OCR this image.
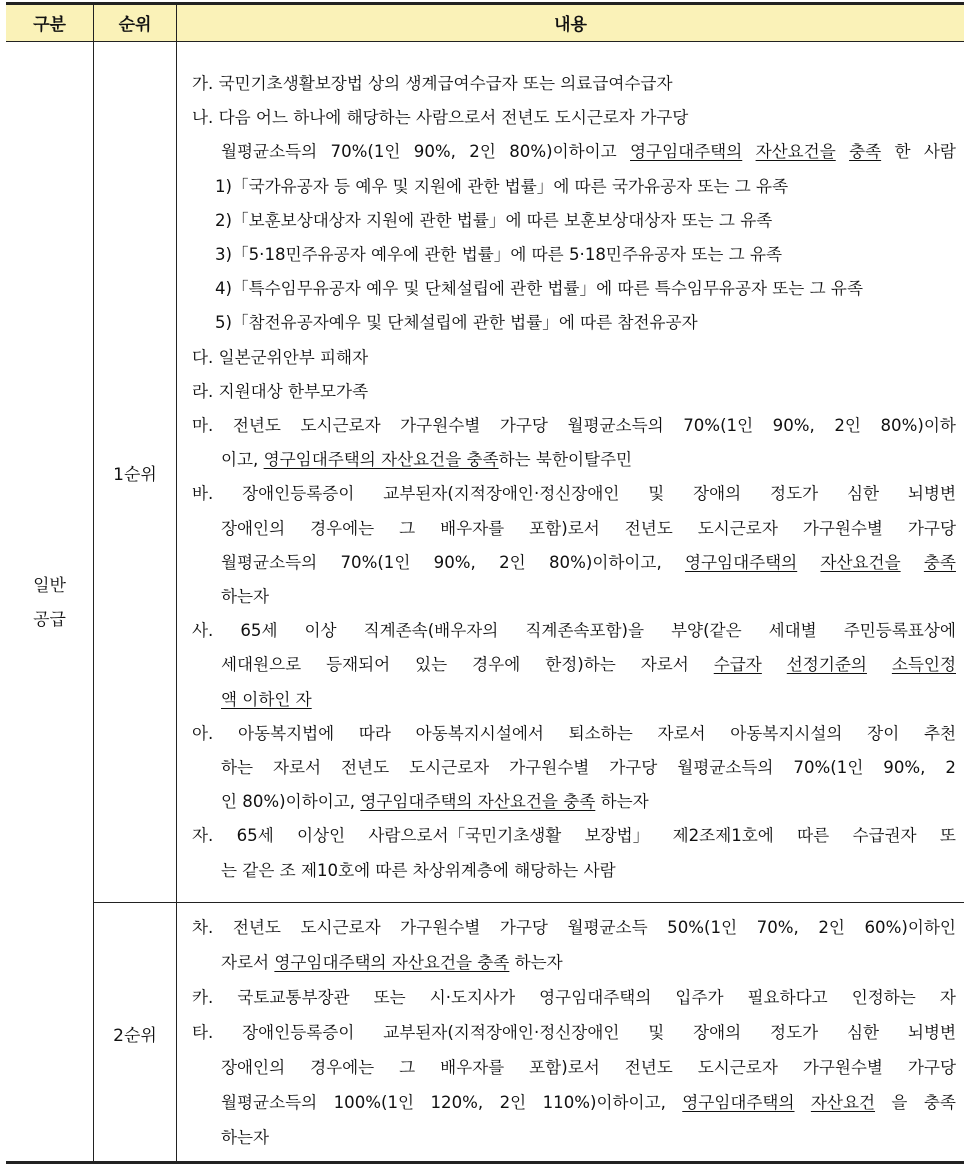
구분	순위	내용
일반
공급
1순위
2순위
가. 국민기초생활보장법 상의 생계급여수급자 또는 의료급여수급자
나. 다음 어느 하나에 해당하는 사람으로서 전년도 도시근로자 가구당
월평균소득의 70%(1인 90%, 2인 80%)이하이고 영구임대주택의 자산요건을 충족 한 사람
1)「국가유공자 등 예우 및 지원에 관한 법률」에 따른 국가유공자 또는 그 유족
2)「보훈보상대상자 지원에 관한 법률」에 따른 보훈보상대상자 또는 그 유족
3)「5·18민주유공자 예우에 관한 법률」에 따른 5·18민주유공자 또는 그 유족
4)「특수임무유공자 예우 및 단체설립에 관한 법률」에 따른 특수임무유공자 또는 그 유족
5)「참전유공자예우 및 단체설립에 관한 법률」에 따른 참전유공자
다. 일본군위안부 피해자
라. 지원대상 한부모가족
마. 전년도 도시근로자 가구원수별 가구당 월평균소득의 70%(1인 90%, 2인 80%)이하
이고, 영구임대주택의 자산요건을 충족하는 북한이탈주민
바. 장애인등록증이 교부된자(지적장애인·정신장애인 및 장애의 정도가 심한 뇌병변
장애인의 경우에는 그 배우자를 포함)로서 전년도 도시근로자 가구원수별 가구당
월평균소득의 70%(1인 90%, 2인 80%)이하이고, 영구임대주택의 자산요건을 충족
하는자
사. 65세 이상 직계존속(배우자의 직계존속포함)을 부양(같은 세대별 주민등록표상에
세대원으로 등재되어 있는 경우에 한정)하는 자로서 수급자 선정기준의 소득인정
액 이하인 자
아. 아동복지법에 따라 아동복지시설에서 퇴소하는 자로서 아동복지시설의 장이 추천
하는 자로서 전년도 도시근로자 가구원수별 가구당 월평균소득의 70%(1인 90%, 2
인 80%)이하이고, 영구임대주택의 자산요건을 충족 하는자
자. 65세 이상인 사람으로서「국민기초생활 보장법」 제2조제1호에 따른 수급권자 또
는 같은 조 제10호에 따른 차상위계층에 해당하는 사람
차. 전년도 도시근로자 가구원수별 가구당 월평균소득 50%(1인 70%, 2인 60%)이하인
자로서 영구임대주택의 자산요건을 충족 하는자
카. 국토교통부장관 또는 시·도지사가 영구임대주택의 입주가 필요하다고 인정하는 자
타. 장애인등록증이 교부된자(지적장애인·정신장애인 및 장애의 정도가 심한 뇌병변
장애인의 경우에는 그 배우자를 포함)로서 전년도 도시근로자 가구원수별 가구당
월평균소득의 100%(1인 120%, 2인 110%)이하이고, 영구임대주택의 자산요건 을 충족
하는자
